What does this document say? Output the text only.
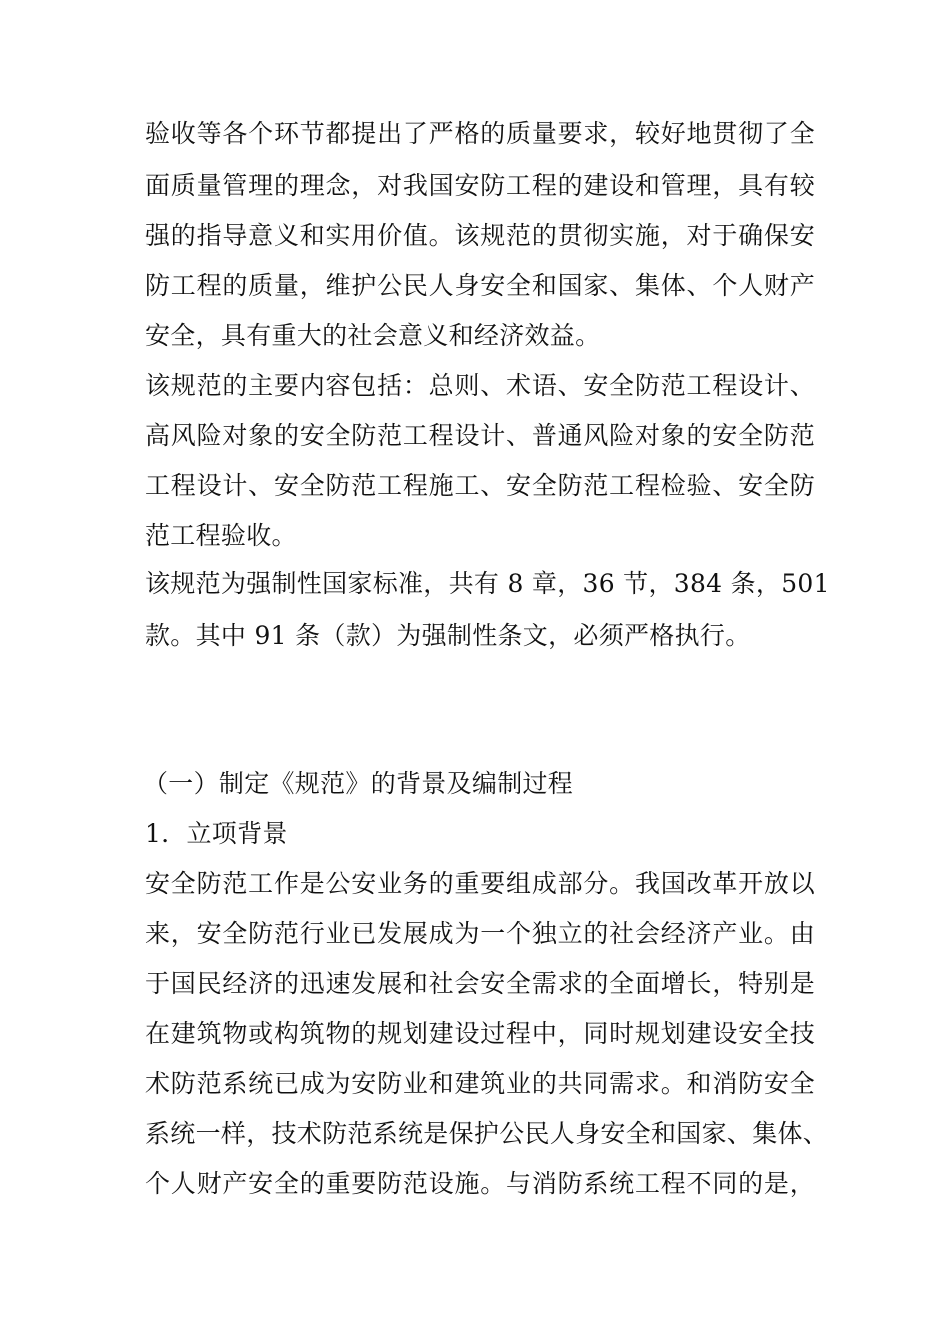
验收等各个环节都提出了严格的质量要求，较好地贯彻了全
面质量管理的理念，对我国安防工程的建设和管理，具有较
强的指导意义和实用价值。该规范的贯彻实施，对于确保安
防工程的质量，维护公民人身安全和国家、集体、个人财产
安全，具有重大的社会意义和经济效益。
该规范的主要内容包括：总则、术语、安全防范工程设计、
高风险对象的安全防范工程设计、普通风险对象的安全防范
工程设计、安全防范工程施工、安全防范工程检验、安全防
范工程验收。
该规范为强制性国家标准，共有 8 章，36 节，384 条，501
款。其中 91 条（款）为强制性条文，必须严格执行。
（一）制定《规范》的背景及编制过程
1．立项背景
安全防范工作是公安业务的重要组成部分。我国改革开放以
来，安全防范行业已发展成为一个独立的社会经济产业。由
于国民经济的迅速发展和社会安全需求的全面增长，特别是
在建筑物或构筑物的规划建设过程中，同时规划建设安全技
术防范系统已成为安防业和建筑业的共同需求。和消防安全
系统一样，技术防范系统是保护公民人身安全和国家、集体、
个人财产安全的重要防范设施。与消防系统工程不同的是，
